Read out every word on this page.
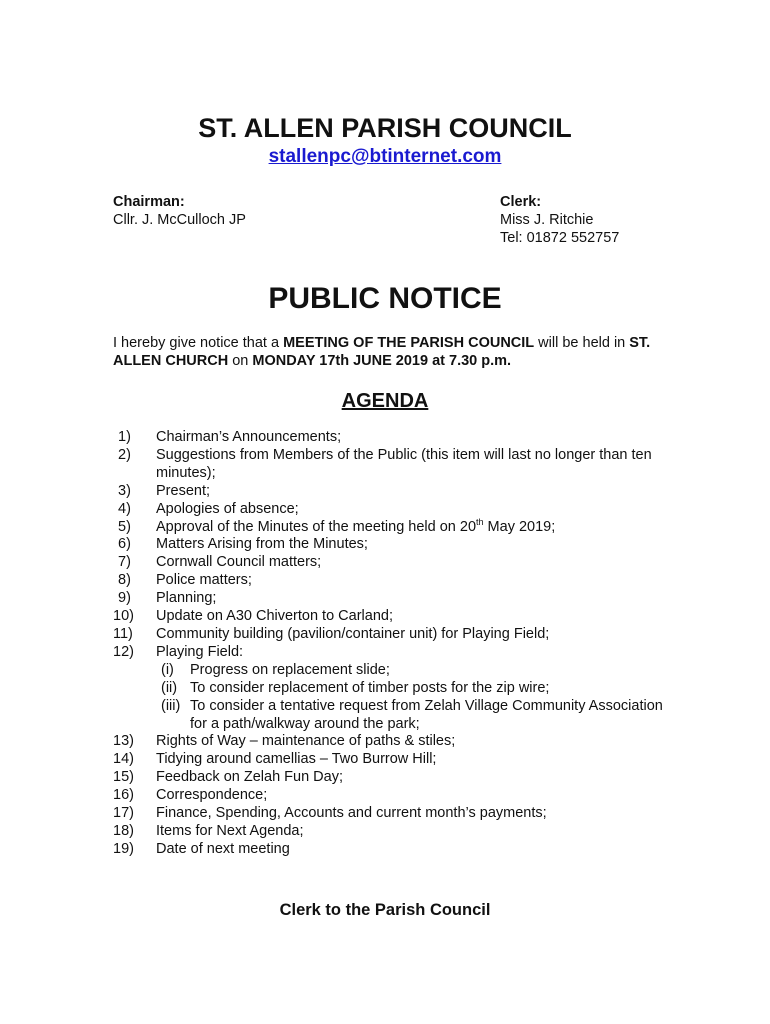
ST. ALLEN PARISH COUNCIL
stallenpc@btinternet.com
Chairman:
Cllr. J. McCulloch JP
Clerk:
Miss J. Ritchie
Tel: 01872 552757
PUBLIC NOTICE
I hereby give notice that a MEETING OF THE PARISH COUNCIL will be held in ST. ALLEN CHURCH on MONDAY 17th JUNE 2019 at 7.30 p.m.
AGENDA
1) Chairman’s Announcements;
2) Suggestions from Members of the Public (this item will last no longer than ten minutes);
3) Present;
4) Apologies of absence;
5) Approval of the Minutes of the meeting held on 20th May 2019;
6) Matters Arising from the Minutes;
7) Cornwall Council matters;
8) Police matters;
9) Planning;
10) Update on A30 Chiverton to Carland;
11) Community building (pavilion/container unit) for Playing Field;
12) Playing Field:
(i) Progress on replacement slide;
(ii) To consider replacement of timber posts for the zip wire;
(iii) To consider a tentative request from Zelah Village Community Association for a path/walkway around the park;
13) Rights of Way – maintenance of paths & stiles;
14) Tidying around camellias – Two Burrow Hill;
15) Feedback on Zelah Fun Day;
16) Correspondence;
17) Finance, Spending, Accounts and current month’s payments;
18) Items for Next Agenda;
19) Date of next meeting
Clerk to the Parish Council
